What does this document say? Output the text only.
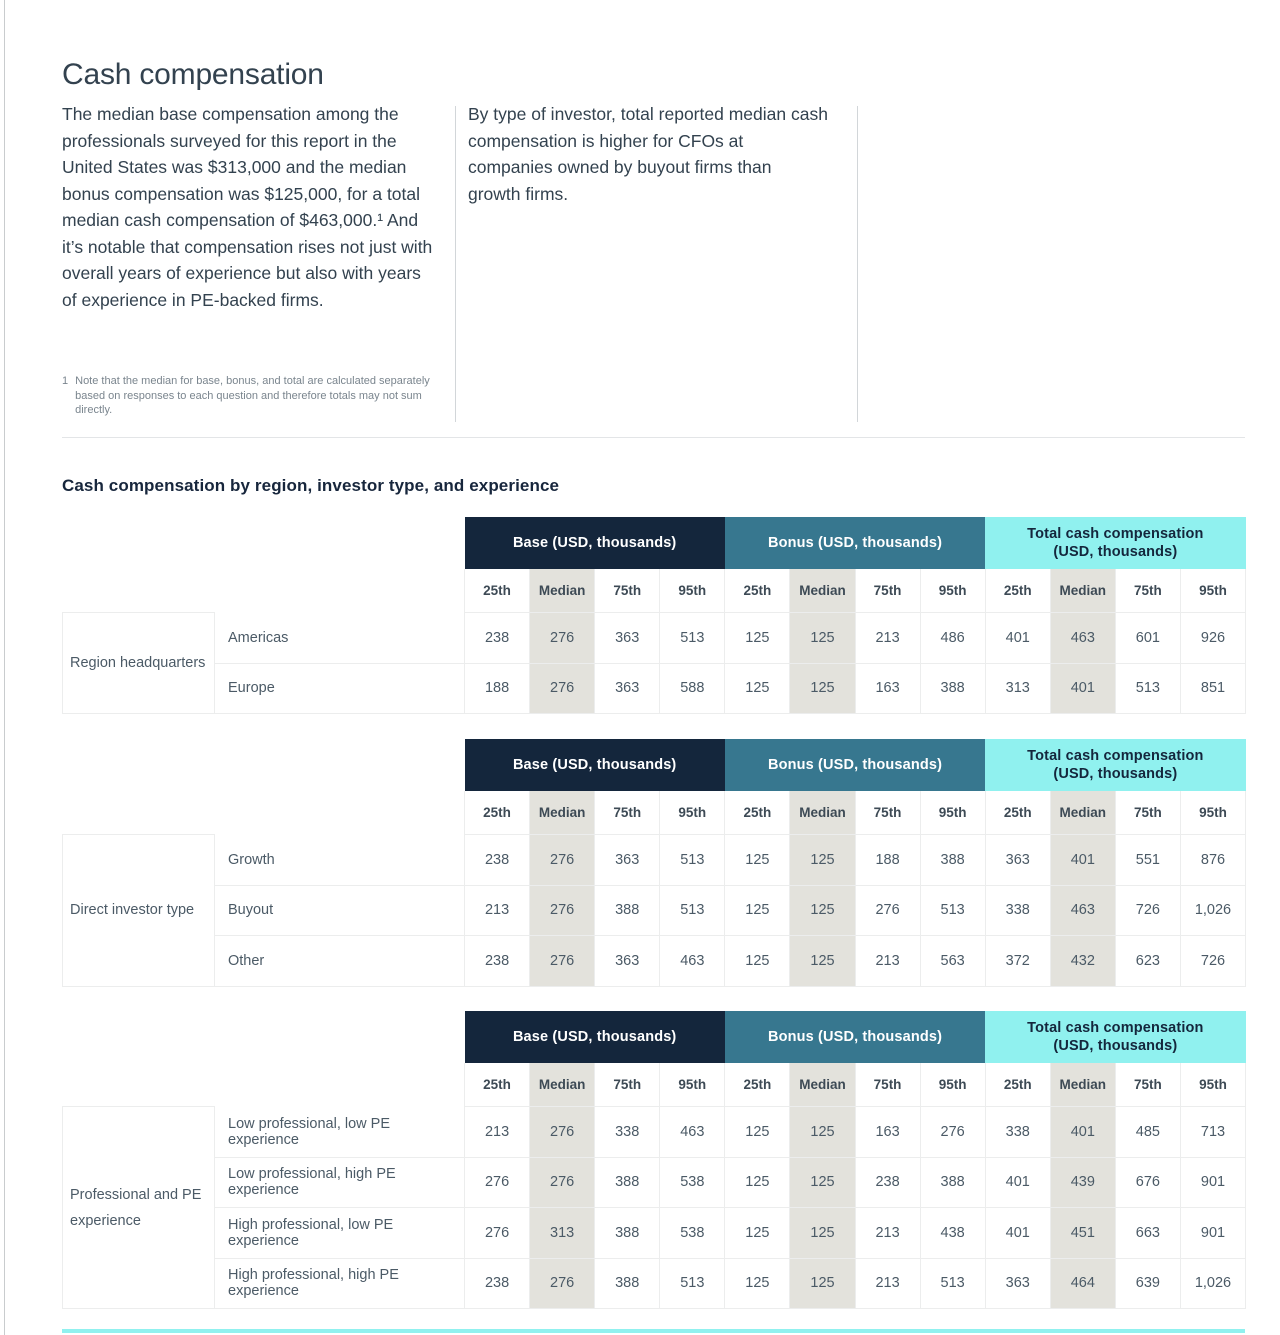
Cash compensation
The median base compensation among the professionals surveyed for this report in the United States was $313,000 and the median bonus compensation was $125,000, for a total median cash compensation of $463,000.¹ And it’s notable that compensation rises not just with overall years of experience but also with years of experience in PE-backed firms.
By type of investor, total reported median cash compensation is higher for CFOs at companies owned by buyout firms than growth firms.
1 Note that the median for base, bonus, and total are calculated separately based on responses to each question and therefore totals may not sum directly.
Cash compensation by region, investor type, and experience
		Base (USD, thousands)				Bonus (USD, thousands)				Total cash compensation
(USD, thousands)			
		25th	Median	75th	95th	25th	Median	75th	95th	25th	Median	75th	95th
Region headquarters	Americas	238	276	363	513	125	125	213	486	401	463	601	926
	Europe	188	276	363	588	125	125	163	388	313	401	513	851
		Base (USD, thousands)				Bonus (USD, thousands)				Total cash compensation
(USD, thousands)			
		25th	Median	75th	95th	25th	Median	75th	95th	25th	Median	75th	95th
Direct investor type	Growth	238	276	363	513	125	125	188	388	363	401	551	876
	Buyout	213	276	388	513	125	125	276	513	338	463	726	1,026
	Other	238	276	363	463	125	125	213	563	372	432	623	726
		Base (USD, thousands)				Bonus (USD, thousands)				Total cash compensation
(USD, thousands)			
		25th	Median	75th	95th	25th	Median	75th	95th	25th	Median	75th	95th
Professional and PE experience	Low professional, low PE experience	213	276	338	463	125	125	163	276	338	401	485	713
	Low professional, high PE experience	276	276	388	538	125	125	238	388	401	439	676	901
	High professional, low PE experience	276	313	388	538	125	125	213	438	401	451	663	901
	High professional, high PE experience	238	276	388	513	125	125	213	513	363	464	639	1,026
